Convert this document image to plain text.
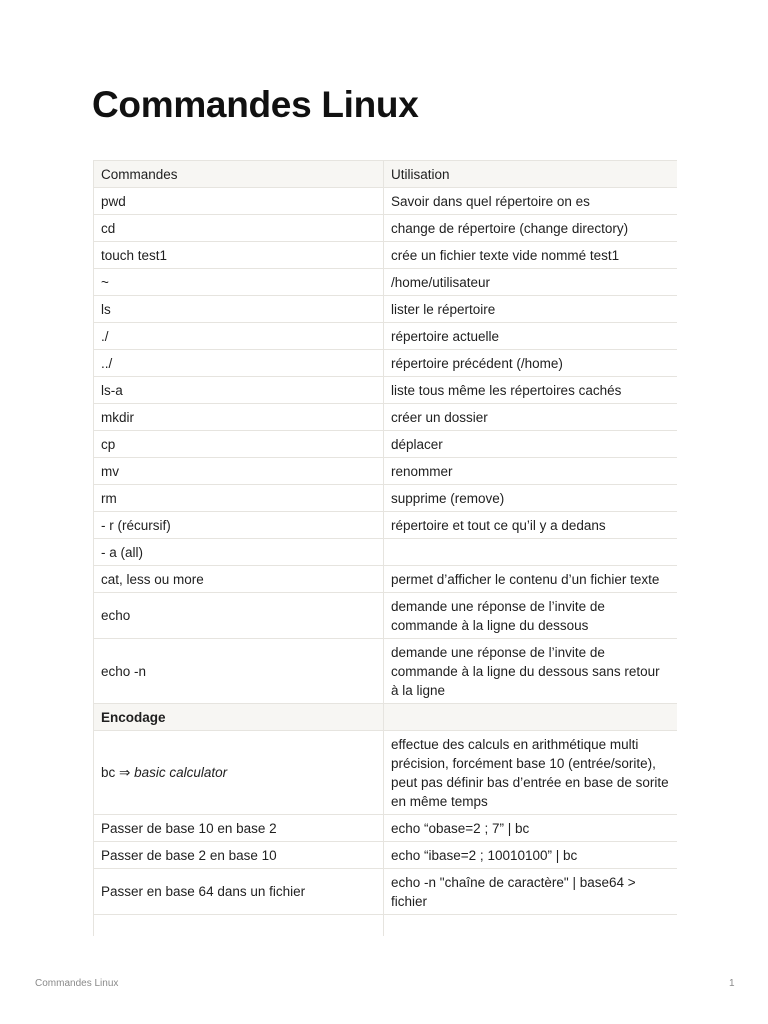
Commandes Linux
Commandes	Utilisation
pwd	Savoir dans quel répertoire on es
cd	change de répertoire (change directory)
touch test1	crée un fichier texte vide nommé test1
~	/home/utilisateur
ls	lister le répertoire
./	répertoire actuelle
../	répertoire précédent (/home)
ls-a	liste tous même les répertoires cachés
mkdir	créer un dossier
cp	déplacer
mv	renommer
rm	supprime (remove)
- r (récursif)	répertoire et tout ce qu’il y a dedans
- a (all)	
cat, less ou more	permet d’afficher le contenu d’un fichier texte
echo	demande une réponse de l’invite de commande à la ligne du dessous
echo -n	demande une réponse de l’invite de commande à la ligne du dessous sans retour à la ligne
Encodage	
bc ⇒ basic calculator	effectue des calculs en arithmétique multi précision, forcément base 10 (entrée/sorite), peut pas définir bas d’entrée en base de sorite en même temps
Passer de base 10 en base 2	echo “obase=2 ; 7” | bc
Passer de base 2 en base 10	echo “ibase=2 ; 10010100” | bc
Passer en base 64 dans un fichier	echo -n "chaîne de caractère" | base64 > fichier

Commandes Linux	1
